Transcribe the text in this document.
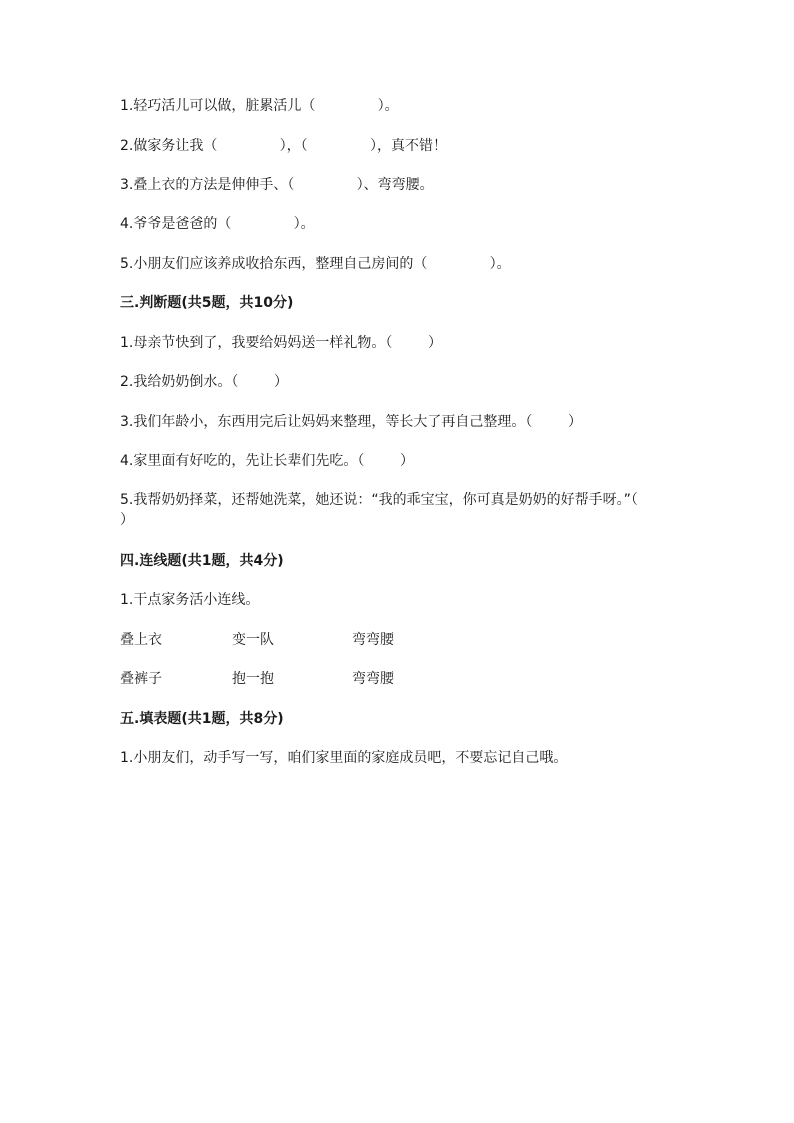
1.轻巧活儿可以做，脏累活儿（              ）。
2.做家务让我（              ），（              ），真不错！
3.叠上衣的方法是伸伸手、（              ）、弯弯腰。
4.爷爷是爸爸的（              ）。
5.小朋友们应该养成收拾东西，整理自己房间的（              ）。
三.判断题(共5题，共10分)
1.母亲节快到了，我要给妈妈送一样礼物。（        ）
2.我给奶奶倒水。（        ）
3.我们年龄小，东西用完后让妈妈来整理，等长大了再自己整理。（        ）
4.家里面有好吃的，先让长辈们先吃。（        ）
5.我帮奶奶择菜，还帮她洗菜，她还说：“我的乖宝宝，你可真是奶奶的好帮手呀。”（        ）
四.连线题(共1题，共4分)
1.干点家务活小连线。
叠上衣	变一队	弯弯腰
叠裤子	抱一抱	弯弯腰
五.填表题(共1题，共8分)
1.小朋友们，动手写一写，咱们家里面的家庭成员吧，不要忘记自己哦。
